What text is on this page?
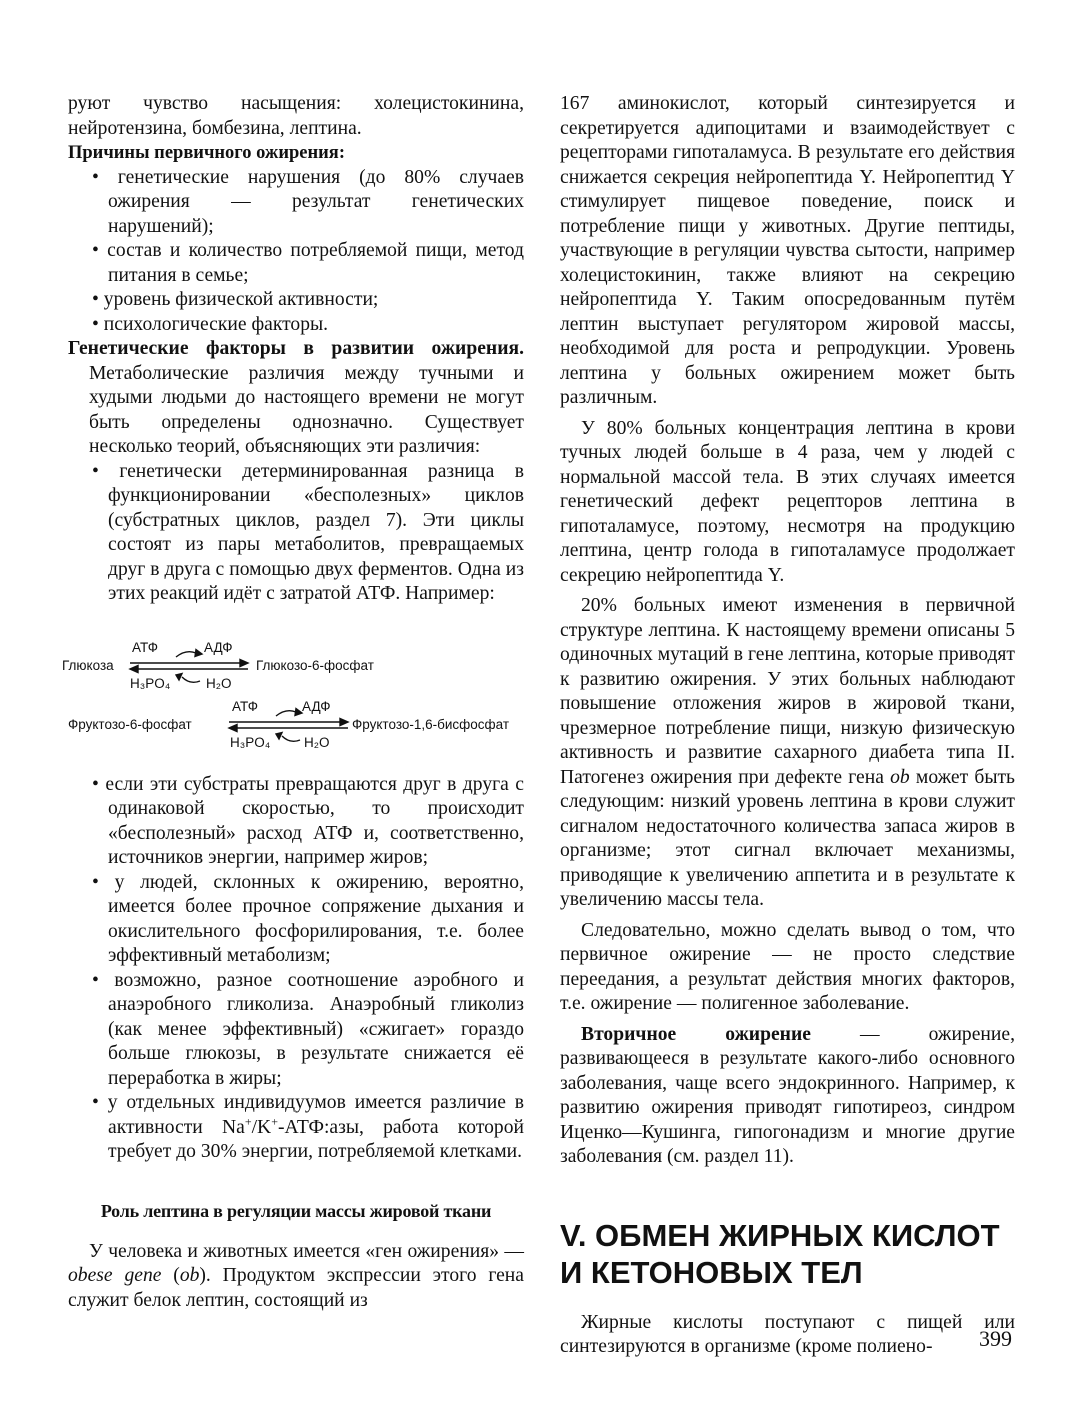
руют чувство насыщения: холецистокинина, нейротензина, бомбезина, лептина.

Причины первичного ожирения:

• генетические нарушения (до 80% случаев ожирения — результат генетических нарушений);
• состав и количество потребляемой пищи, метод питания в семье;
• уровень физической активности;
• психологические факторы.

Генетические факторы в развитии ожирения. Метаболические различия между тучными и худыми людьми до настоящего времени не могут быть определены однозначно. Существует несколько теорий, объясняющих эти различия:

• генетически детерминированная разница в функционировании «бесполезных» циклов (субстратных циклов, раздел 7). Эти циклы состоят из пары метаболитов, превращаемых друг в друга с помощью двух ферментов. Одна из этих реакций идёт с затратой АТФ. Например:
Глюкоза
АТФ	АДФ
H₃PO₄	H₂O
Глюкозо-6-фосфат
Фруктозо-6-фосфат
АТФ	АДФ
H₃PO₄ H₂O
Фруктозо-1,6-бисфосфат
• если эти субстраты превращаются друг в друга с одинаковой скоростью, то происходит «бесполезный» расход АТФ и, соответственно, источников энергии, например жиров;
• у людей, склонных к ожирению, вероятно, имеется более прочное сопряжение дыхания и окислительного фосфорилирования, т.е. более эффективный метаболизм;
• возможно, разное соотношение аэробного и анаэробного гликолиза. Анаэробный гликолиз (как менее эффективный) «сжигает» гораздо больше глюкозы, в результате снижается её переработка в жиры;
• у отдельных индивидуумов имеется различие в активности Na+/K+-АТФ:азы, работа которой требует до 30% энергии, потребляемой клетками.
Роль лептина в регуляции массы жировой ткани

У человека и животных имеется «ген ожирения» — obese gene (ob). Продуктом экспрессии этого гена служит белок лептин, состоящий из

167 аминокислот, который синтезируется и секретируется адипоцитами и взаимодействует с рецепторами гипоталамуса. В результате его действия снижается секреция нейропептида Y. Нейропептид Y стимулирует пищевое поведение, поиск и потребление пищи у животных. Другие пептиды, участвующие в регуляции чувства сытости, например холецистокинин, также влияют на секрецию нейропептида Y. Таким опосредованным путём лептин выступает регулятором жировой массы, необходимой для роста и репродукции. Уровень лептина у больных ожирением может быть различным.

У 80% больных концентрация лептина в крови тучных людей больше в 4 раза, чем у людей с нормальной массой тела. В этих случаях имеется генетический дефект рецепторов лептина в гипоталамусе, поэтому, несмотря на продукцию лептина, центр голода в гипоталамусе продолжает секрецию нейропептида Y.

20% больных имеют изменения в первичной структуре лептина. К настоящему времени описаны 5 одиночных мутаций в гене лептина, которые приводят к развитию ожирения. У этих больных наблюдают повышение отложения жиров в жировой ткани, чрезмерное потребление пищи, низкую физическую активность и развитие сахарного диабета типа II. Патогенез ожирения при дефекте гена ob может быть следующим: низкий уровень лептина в крови служит сигналом недостаточного количества запаса жиров в организме; этот сигнал включает механизмы, приводящие к увеличению аппетита и в результате к увеличению массы тела.

Следовательно, можно сделать вывод о том, что первичное ожирение — не просто следствие переедания, а результат действия многих факторов, т.е. ожирение — полигенное заболевание.

Вторичное ожирение — ожирение, развивающееся в результате какого-либо основного заболевания, чаще всего эндокринного. Например, к развитию ожирения приводят гипотиреоз, синдром Иценко—Кушинга, гипогонадизм и многие другие заболевания (см. раздел 11).

V. ОБМЕН ЖИРНЫХ КИСЛОТ
И КЕТОНОВЫХ ТЕЛ

Жирные кислоты поступают с пищей или синтезируются в организме (кроме полиено-	399
